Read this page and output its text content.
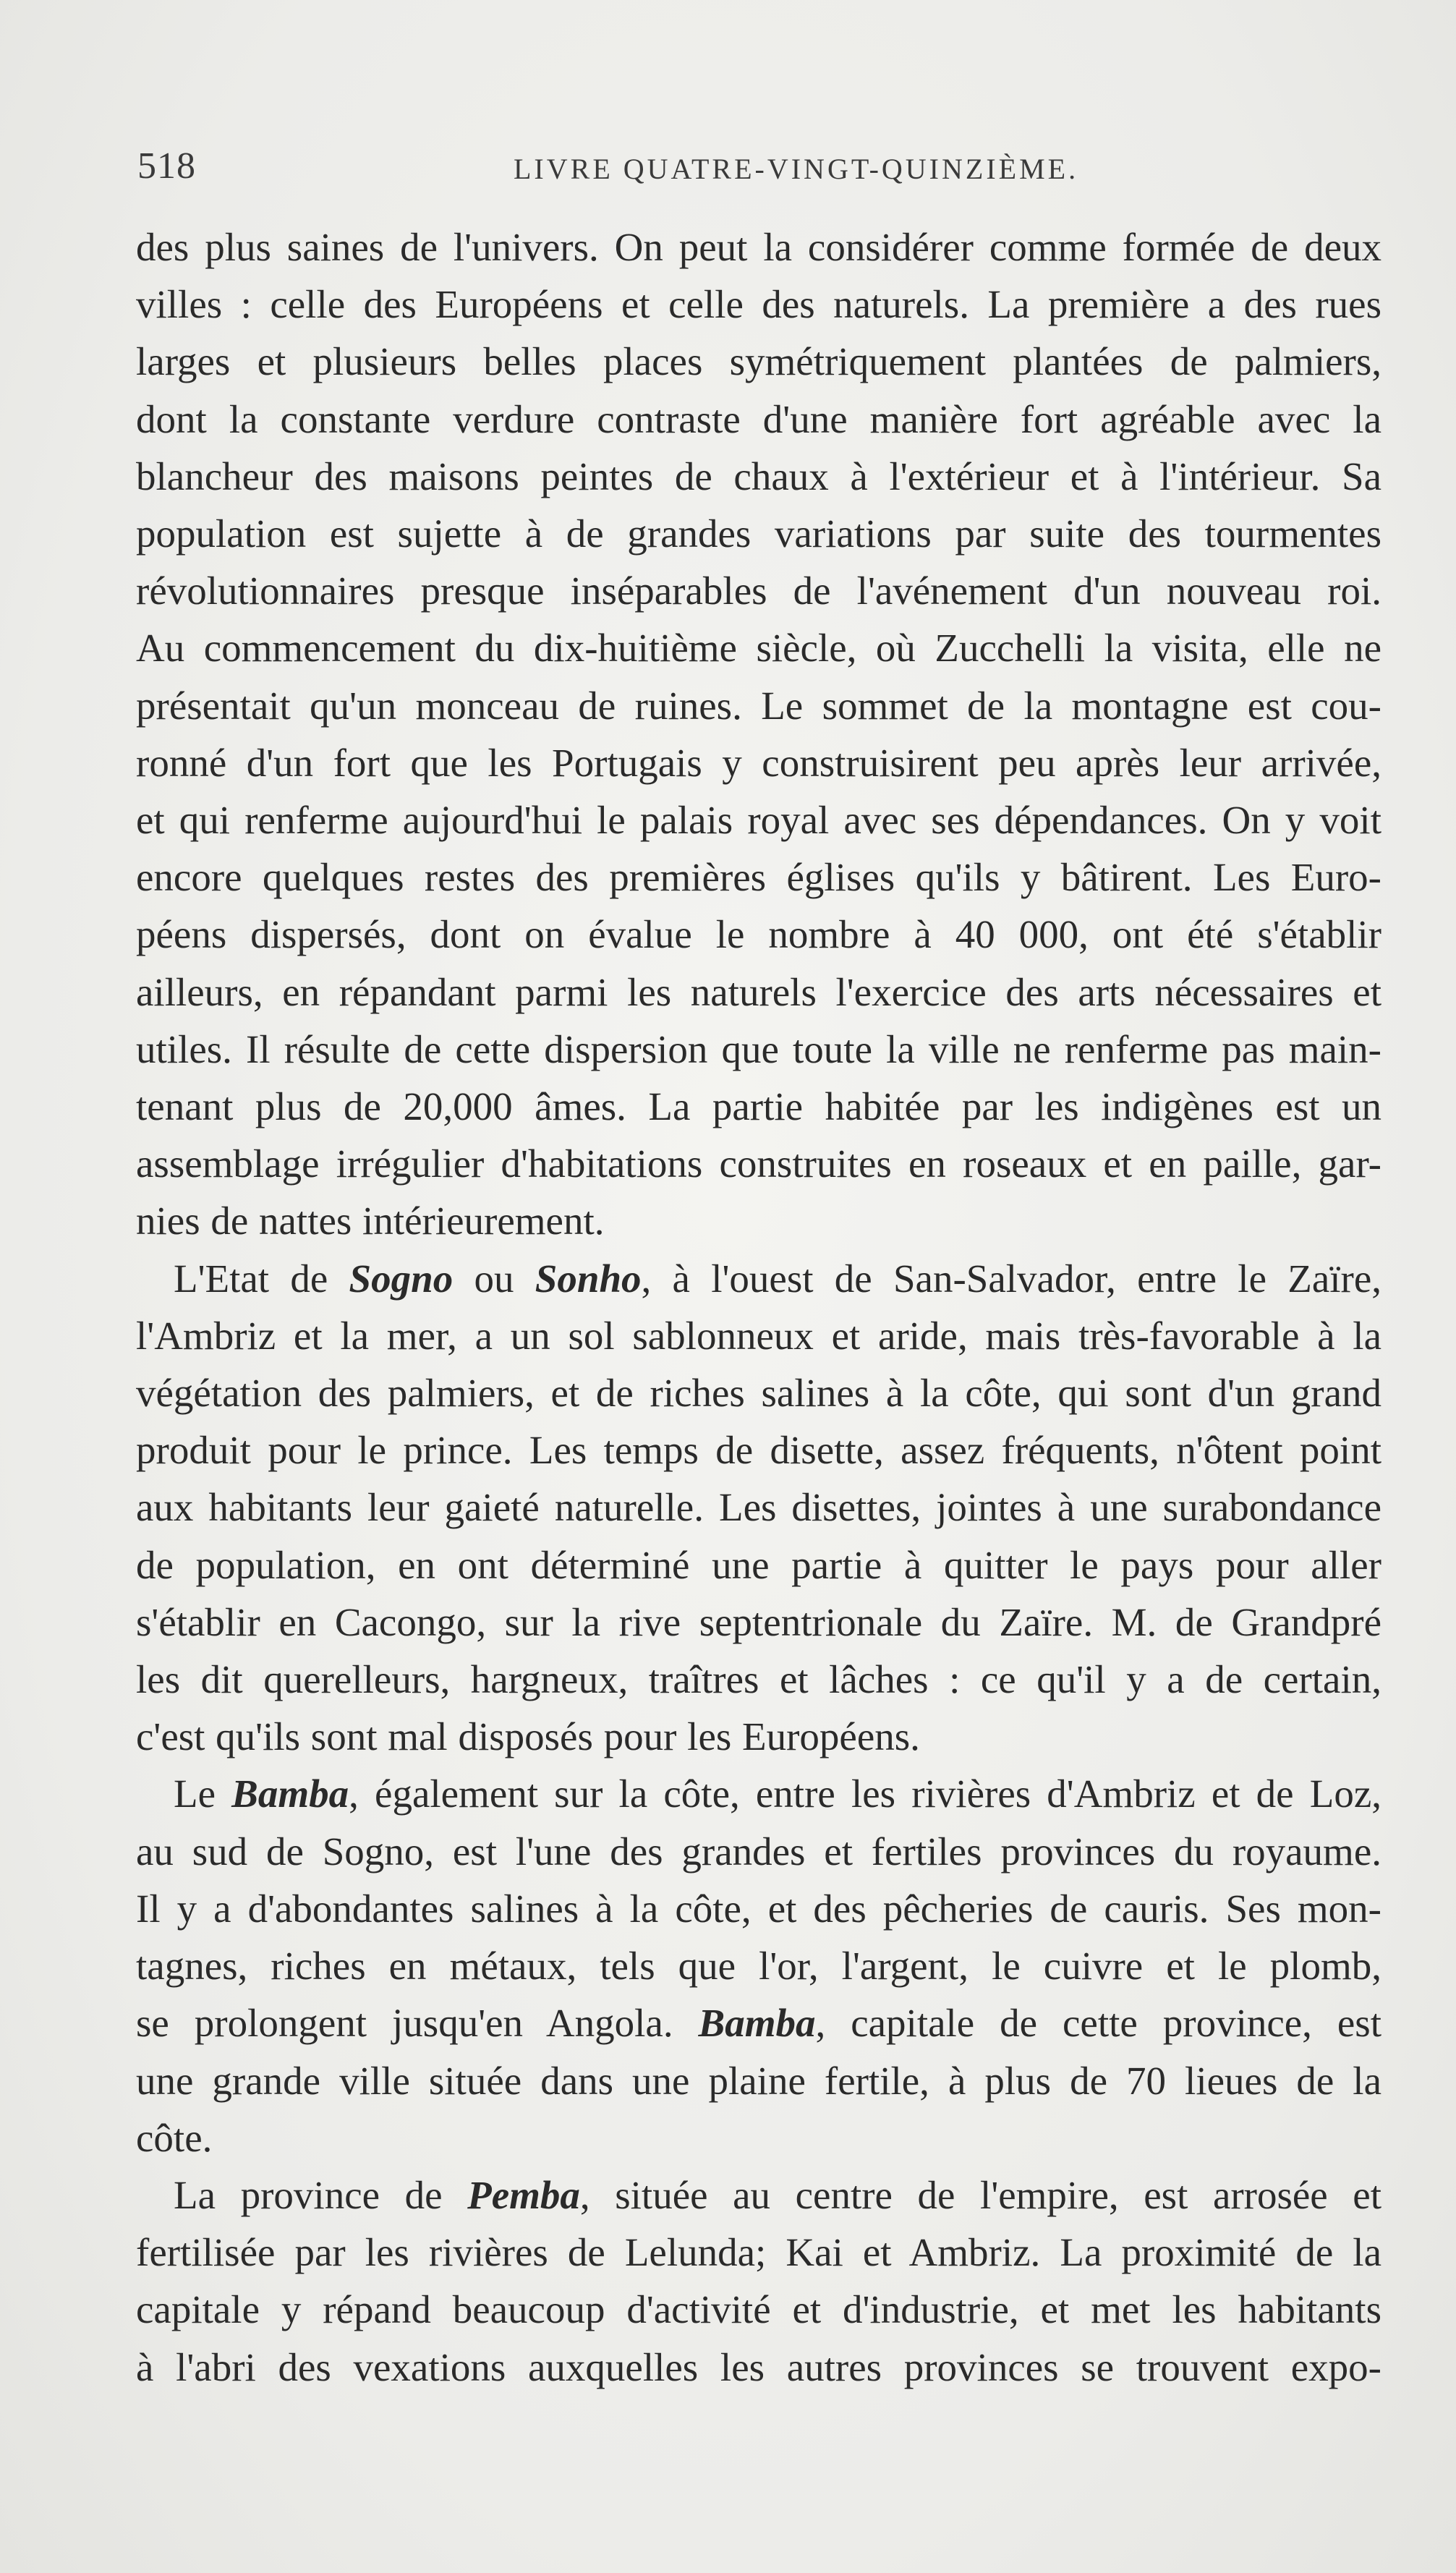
518	LIVRE QUATRE-VINGT-QUINZIÈME.
des plus saines de l'univers. On peut la considérer comme formée de deux
villes : celle des Européens et celle des naturels. La première a des rues
larges et plusieurs belles places symétriquement plantées de palmiers,
dont la constante verdure contraste d'une manière fort agréable avec la
blancheur des maisons peintes de chaux à l'extérieur et à l'intérieur. Sa
population est sujette à de grandes variations par suite des tourmentes
révolutionnaires presque inséparables de l'avénement d'un nouveau roi.
Au commencement du dix-huitième siècle, où Zucchelli la visita, elle ne
présentait qu'un monceau de ruines. Le sommet de la montagne est cou-
ronné d'un fort que les Portugais y construisirent peu après leur arrivée,
et qui renferme aujourd'hui le palais royal avec ses dépendances. On y voit
encore quelques restes des premières églises qu'ils y bâtirent. Les Euro-
péens dispersés, dont on évalue le nombre à 40 000, ont été s'établir
ailleurs, en répandant parmi les naturels l'exercice des arts nécessaires et
utiles. Il résulte de cette dispersion que toute la ville ne renferme pas main-
tenant plus de 20,000 âmes. La partie habitée par les indigènes est un
assemblage irrégulier d'habitations construites en roseaux et en paille, gar-
nies de nattes intérieurement.
L'Etat de Sogno ou Sonho, à l'ouest de San-Salvador, entre le Zaïre,
l'Ambriz et la mer, a un sol sablonneux et aride, mais très-favorable à la
végétation des palmiers, et de riches salines à la côte, qui sont d'un grand
produit pour le prince. Les temps de disette, assez fréquents, n'ôtent point
aux habitants leur gaieté naturelle. Les disettes, jointes à une surabondance
de population, en ont déterminé une partie à quitter le pays pour aller
s'établir en Cacongo, sur la rive septentrionale du Zaïre. M. de Grandpré
les dit querelleurs, hargneux, traîtres et lâches : ce qu'il y a de certain,
c'est qu'ils sont mal disposés pour les Européens.
Le Bamba, également sur la côte, entre les rivières d'Ambriz et de Loz,
au sud de Sogno, est l'une des grandes et fertiles provinces du royaume.
Il y a d'abondantes salines à la côte, et des pêcheries de cauris. Ses mon-
tagnes, riches en métaux, tels que l'or, l'argent, le cuivre et le plomb,
se prolongent jusqu'en Angola. Bamba, capitale de cette province, est
une grande ville située dans une plaine fertile, à plus de 70 lieues de la
côte.
La province de Pemba, située au centre de l'empire, est arrosée et
fertilisée par les rivières de Lelunda; Kai et Ambriz. La proximité de la
capitale y répand beaucoup d'activité et d'industrie, et met les habitants
à l'abri des vexations auxquelles les autres provinces se trouvent expo-
